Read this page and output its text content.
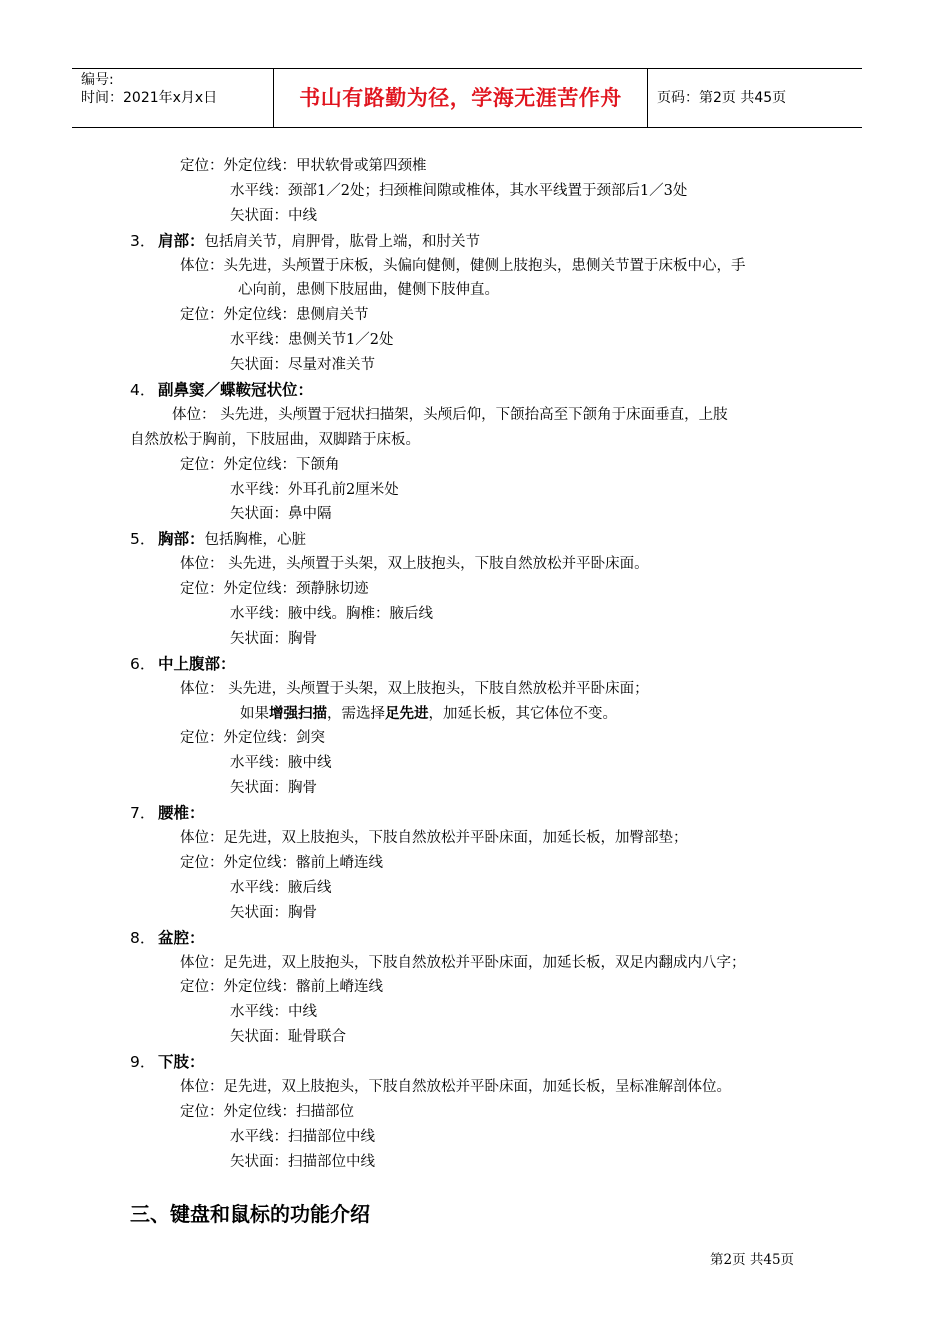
编号:
时间：2021年x月x日	书山有路勤为径，学海无涯苦作舟	页码：第2页 共45页
定位：外定位线：甲状软骨或第四颈椎
水平线：颈部1／2处；扫颈椎间隙或椎体，其水平线置于颈部后1／3处
矢状面：中线
3． 肩部：包括肩关节，肩胛骨，肱骨上端，和肘关节
体位：头先进，头颅置于床板，头偏向健侧，健侧上肢抱头，患侧关节置于床板中心，手
心向前，患侧下肢屈曲，健侧下肢伸直。
定位：外定位线：患侧肩关节
水平线：患侧关节1／2处
矢状面：尽量对准关节
4． 副鼻窦／蝶鞍冠状位：
体位： 头先进，头颅置于冠状扫描架，头颅后仰，下颌抬高至下颌角于床面垂直，上肢
自然放松于胸前，下肢屈曲，双脚踏于床板。
定位：外定位线：下颌角
水平线：外耳孔前2厘米处
矢状面：鼻中隔
5． 胸部：包括胸椎，心脏
体位： 头先进，头颅置于头架，双上肢抱头，下肢自然放松并平卧床面。
定位：外定位线：颈静脉切迹
水平线：腋中线。胸椎：腋后线
矢状面：胸骨
6． 中上腹部：
体位： 头先进，头颅置于头架，双上肢抱头，下肢自然放松并平卧床面；
如果增强扫描，需选择足先进，加延长板，其它体位不变。
定位：外定位线：剑突
水平线：腋中线
矢状面：胸骨
7． 腰椎：
体位：足先进，双上肢抱头，下肢自然放松并平卧床面，加延长板，加臀部垫；
定位：外定位线：髂前上嵴连线
水平线：腋后线
矢状面：胸骨
8． 盆腔：
体位：足先进，双上肢抱头，下肢自然放松并平卧床面，加延长板，双足内翻成内八字；
定位：外定位线：髂前上嵴连线
水平线：中线
矢状面：耻骨联合
9． 下肢：
体位：足先进，双上肢抱头，下肢自然放松并平卧床面，加延长板，呈标准解剖体位。
定位：外定位线：扫描部位
水平线：扫描部位中线
矢状面：扫描部位中线
三、键盘和鼠标的功能介绍
第2页 共45页
